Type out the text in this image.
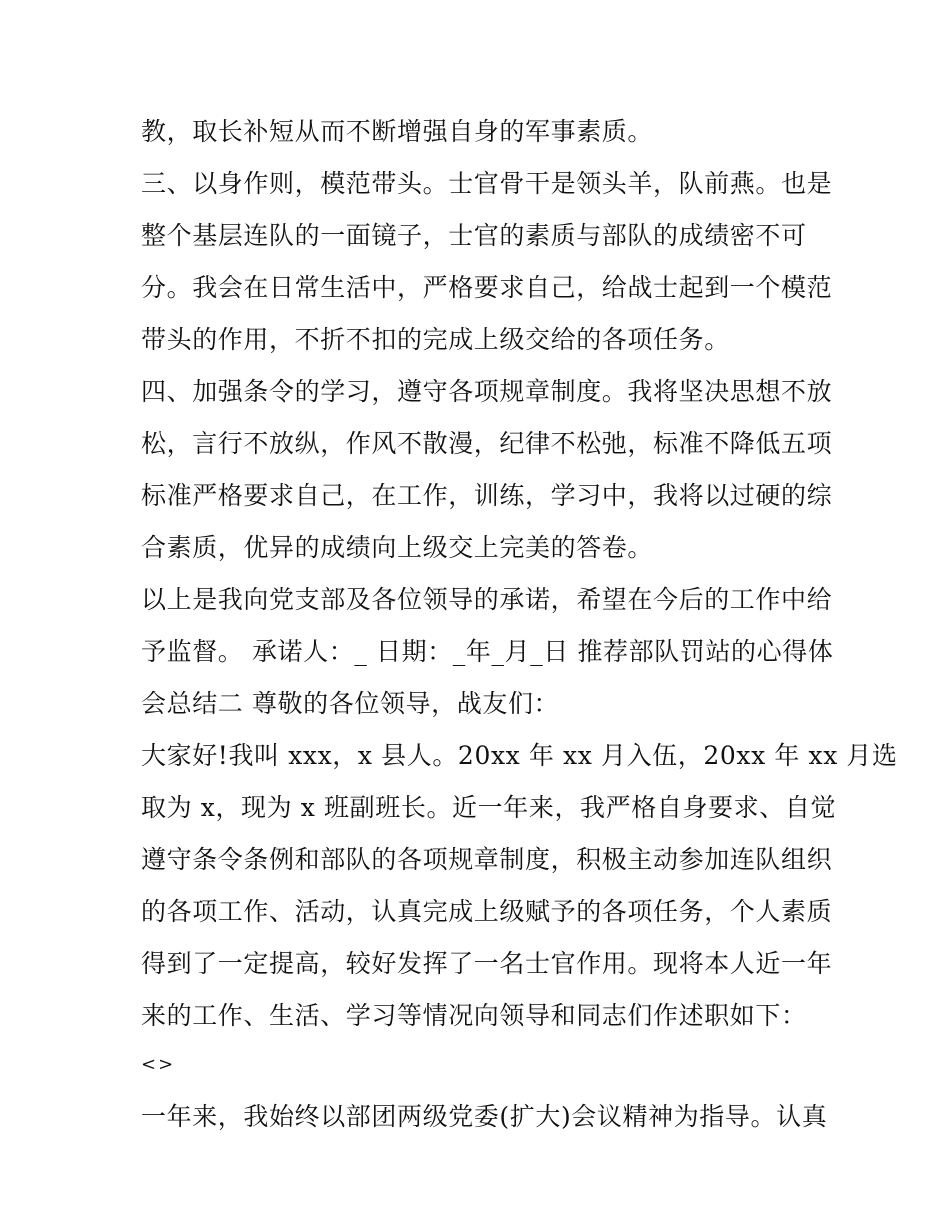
教，取长补短从而不断增强自身的军事素质。
三、以身作则，模范带头。士官骨干是领头羊，队前燕。也是
整个基层连队的一面镜子，士官的素质与部队的成绩密不可
分。我会在日常生活中，严格要求自己，给战士起到一个模范
带头的作用，不折不扣的完成上级交给的各项任务。
四、加强条令的学习，遵守各项规章制度。我将坚决思想不放
松，言行不放纵，作风不散漫，纪律不松弛，标准不降低五项
标准严格要求自己，在工作，训练，学习中，我将以过硬的综
合素质，优异的成绩向上级交上完美的答卷。
以上是我向党支部及各位领导的承诺，希望在今后的工作中给
予监督。 承诺人：_ 日期：_年_月_日 推荐部队罚站的心得体
会总结二 尊敬的各位领导，战友们：
大家好!我叫 xxx，x 县人。20xx 年 xx 月入伍，20xx 年 xx 月选
取为 x，现为 x 班副班长。近一年来，我严格自身要求、自觉
遵守条令条例和部队的各项规章制度，积极主动参加连队组织
的各项工作、活动，认真完成上级赋予的各项任务，个人素质
得到了一定提高，较好发挥了一名士官作用。现将本人近一年
来的工作、生活、学习等情况向领导和同志们作述职如下：
<>
一年来，我始终以部团两级党委(扩大)会议精神为指导。认真
